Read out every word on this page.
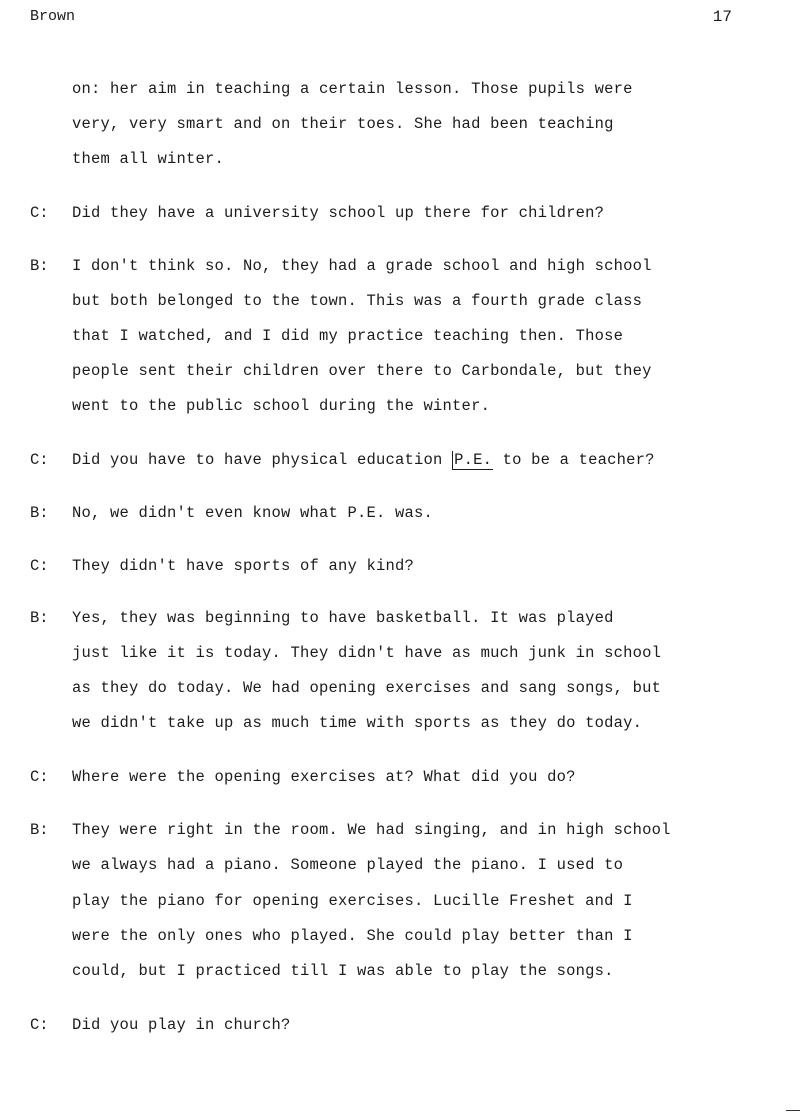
Brown	17
on: her aim in teaching a certain lesson. Those pupils were
very, very smart and on their toes. She had been teaching
them all winter.
C: Did they have a university school up there for children?
B: I don't think so. No, they had a grade school and high school
but both belonged to the town. This was a fourth grade class
that I watched, and I did my practice teaching then. Those
people sent their children over there to Carbondale, but they
went to the public school during the winter.
C: Did you have to have physical education P.E. to be a teacher?
B: No, we didn't even know what P.E. was.
C: They didn't have sports of any kind?
B: Yes, they was beginning to have basketball. It was played
just like it is today. They didn't have as much junk in school
as they do today. We had opening exercises and sang songs, but
we didn't take up as much time with sports as they do today.
C: Where were the opening exercises at? What did you do?
B: They were right in the room. We had singing, and in high school
we always had a piano. Someone played the piano. I used to
play the piano for opening exercises. Lucille Freshet and I
were the only ones who played. She could play better than I
could, but I practiced till I was able to play the songs.
C: Did you play in church?
